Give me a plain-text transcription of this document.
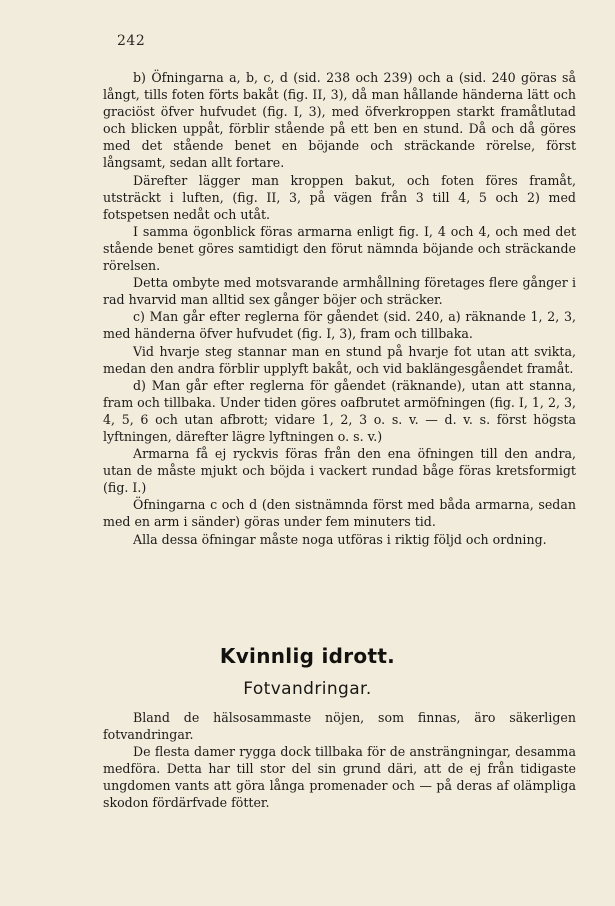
242

b) Öfningarna a, b, c, d (sid. 238 och 239) och a (sid. 240 göras så långt, tills foten förts bakåt (fig. II, 3), då man hållande händerna lätt och graciöst öfver hufvudet (fig. I, 3), med öfverkroppen starkt framåtlutad och blicken uppåt, förblir stående på ett ben en stund. Då och då göres med det stående benet en böjande och sträckande rörelse, först långsamt, sedan allt fortare.

Därefter lägger man kroppen bakut, och foten föres framåt, utsträckt i luften, (fig. II, 3, på vägen från 3 till 4, 5 och 2) med fotspetsen nedåt och utåt.

I samma ögonblick föras armarna enligt fig. I, 4 och 4, och med det stående benet göres samtidigt den förut nämnda böjande och sträckande rörelsen.

Detta ombyte med motsvarande armhållning företages flere gånger i rad hvarvid man alltid sex gånger böjer och sträcker.

c) Man går efter reglerna för gåendet (sid. 240, a) räknande 1, 2, 3, med händerna öfver hufvudet (fig. I, 3), fram och tillbaka.

Vid hvarje steg stannar man en stund på hvarje fot utan att svikta, medan den andra förblir upplyft bakåt, och vid baklängesgåendet framåt.

d) Man går efter reglerna för gåendet (räknande), utan att stanna, fram och tillbaka. Under tiden göres oafbrutet armöfningen (fig. I, 1, 2, 3, 4, 5, 6 och utan afbrott; vidare 1, 2, 3 o. s. v. — d. v. s. först högsta lyftningen, därefter lägre lyftningen o. s. v.)

Armarna få ej ryckvis föras från den ena öfningen till den andra, utan de måste mjukt och böjda i vackert rundad båge föras kretsformigt (fig. I.)

Öfningarna c och d (den sistnämnda först med båda armarna, sedan med en arm i sänder) göras under fem minuters tid.

Alla dessa öfningar måste noga utföras i riktig följd och ordning.

Kvinnlig idrott.
Fotvandringar.

Bland de hälsosammaste nöjen, som finnas, äro säkerligen fotvandringar.

De flesta damer rygga dock tillbaka för de ansträngningar, desamma medföra. Detta har till stor del sin grund däri, att de ej från tidigaste ungdomen vants att göra långa promenader och — på deras af olämpliga skodon fördärfvade fötter.
